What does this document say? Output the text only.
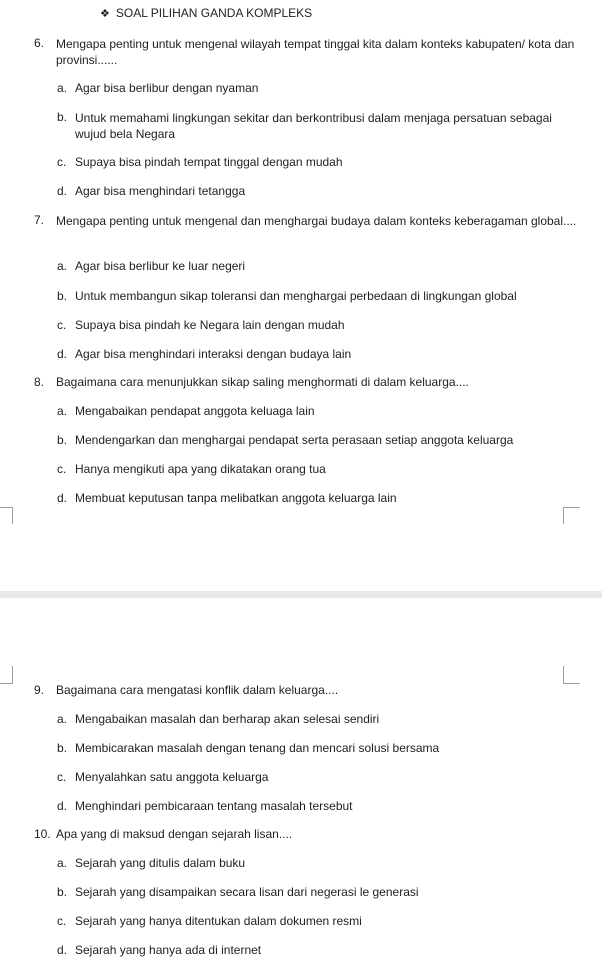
❖ SOAL PILIHAN GANDA KOMPLEKS
6. Mengapa penting untuk mengenal wilayah tempat tinggal kita dalam konteks kabupaten/ kota dan provinsi......
a. Agar bisa berlibur dengan nyaman
b. Untuk memahami lingkungan sekitar dan berkontribusi dalam menjaga persatuan sebagai wujud bela Negara
c. Supaya bisa pindah tempat tinggal dengan mudah
d. Agar bisa menghindari tetangga
7. Mengapa penting untuk mengenal dan menghargai budaya dalam konteks keberagaman global....
a. Agar bisa berlibur ke luar negeri
b. Untuk membangun sikap toleransi dan menghargai perbedaan di lingkungan global
c. Supaya bisa pindah ke Negara lain dengan mudah
d. Agar bisa menghindari interaksi dengan budaya lain
8. Bagaimana cara menunjukkan sikap saling menghormati di dalam keluarga....
a. Mengabaikan pendapat anggota keluaga lain
b. Mendengarkan dan menghargai pendapat serta perasaan setiap anggota keluarga
c. Hanya mengikuti apa yang dikatakan orang tua
d. Membuat keputusan tanpa melibatkan anggota keluarga lain
9. Bagaimana cara mengatasi konflik dalam keluarga....
a. Mengabaikan masalah dan berharap akan selesai sendiri
b. Membicarakan masalah dengan tenang dan mencari solusi bersama
c. Menyalahkan satu anggota keluarga
d. Menghindari pembicaraan tentang masalah tersebut
10. Apa yang di maksud dengan sejarah lisan....
a. Sejarah yang ditulis dalam buku
b. Sejarah yang disampaikan secara lisan dari negerasi le generasi
c. Sejarah yang hanya ditentukan dalam dokumen resmi
d. Sejarah yang hanya ada di internet
